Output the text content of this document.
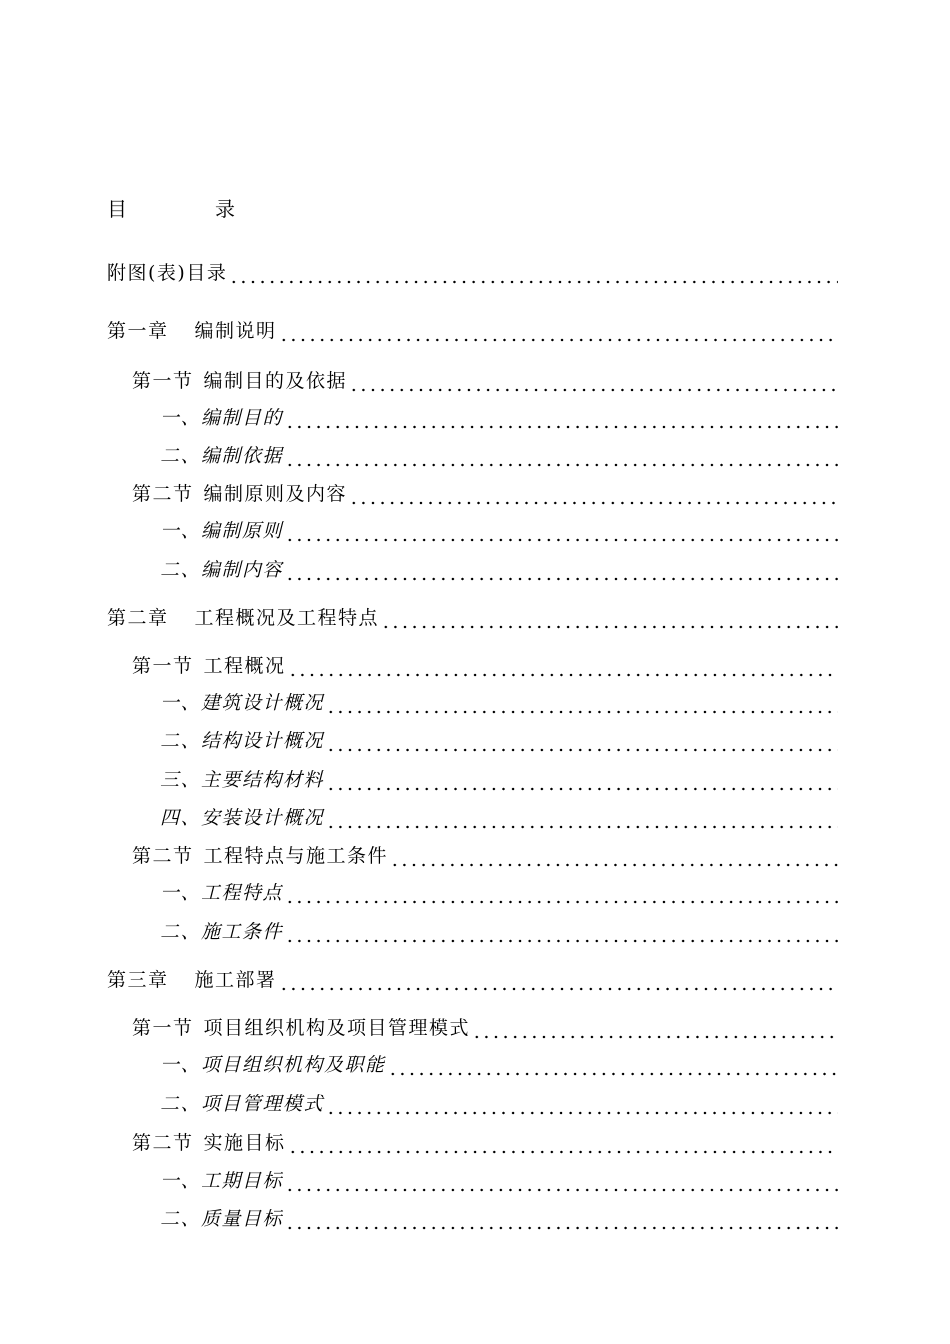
目　录
附图(表)目录
第一章 编制说明
第一节 编制目的及依据
一、编制目的
二、编制依据
第二节 编制原则及内容
一、编制原则
二、编制内容
第二章 工程概况及工程特点
第一节 工程概况
一、建筑设计概况
二、结构设计概况
三、主要结构材料
四、安装设计概况
第二节 工程特点与施工条件
一、工程特点
二、施工条件
第三章 施工部署
第一节 项目组织机构及项目管理模式
一、项目组织机构及职能
二、项目管理模式
第二节 实施目标
一、工期目标
二、质量目标
